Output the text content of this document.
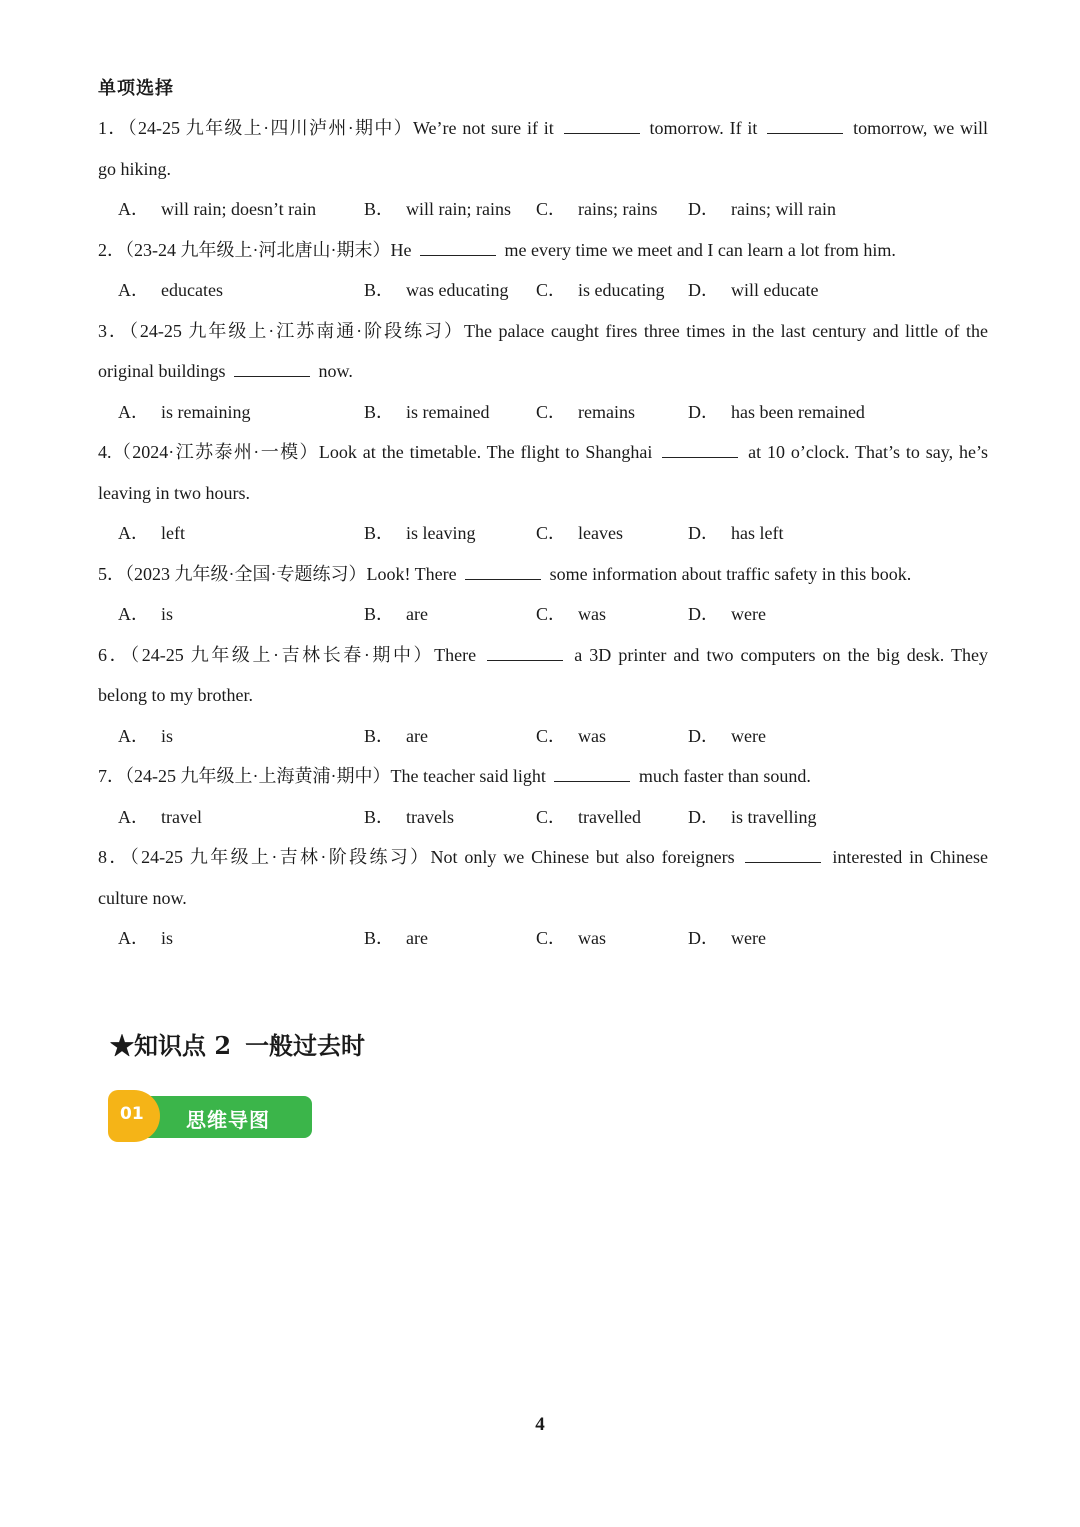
单项选择
1．（24-25 九年级上·四川泸州·期中）We’re not sure if it	tomorrow. If it	tomorrow, we will
go hiking.
A． will rain; doesn’t rain	B． will rain; rains C． rains; rains D． rains; will rain
2．（23-24 九年级上·河北唐山·期末）He	me every time we meet and I can learn a lot from him.
A． educates	B． was educating C． is educating D． will educate
3．（24-25 九年级上·江苏南通·阶段练习）The palace caught fires three times in the last century and little of the
original buildings	now.
A． is remaining	B． is remained	C． remains	D． has been remained
4.（2024·江苏泰州·一模）Look at the timetable. The flight to Shanghai	at 10 o’clock. That’s to say, he’s
leaving in two hours.
A． left	B． is leaving	C． leaves	D． has left
5．（2023 九年级·全国·专题练习）Look! There	some information about traffic safety in this book.
A． is	B． are	C． was	D． were
6．（24-25 九年级上·吉林长春·期中）There	a 3D printer and two computers on the big desk. They
belong to my brother.
A． is	B． are	C． was	D． were
7．（24-25 九年级上·上海黄浦·期中）The teacher said light	much faster than sound.
A． travel	B． travels	C． travelled	D． is travelling
8．（24-25 九年级上·吉林·阶段练习）Not only we Chinese but also foreigners	interested in Chinese
culture now.
A． is	B． are	C． was	D． were
★知识点 2 一般过去时
01 思维导图
4
